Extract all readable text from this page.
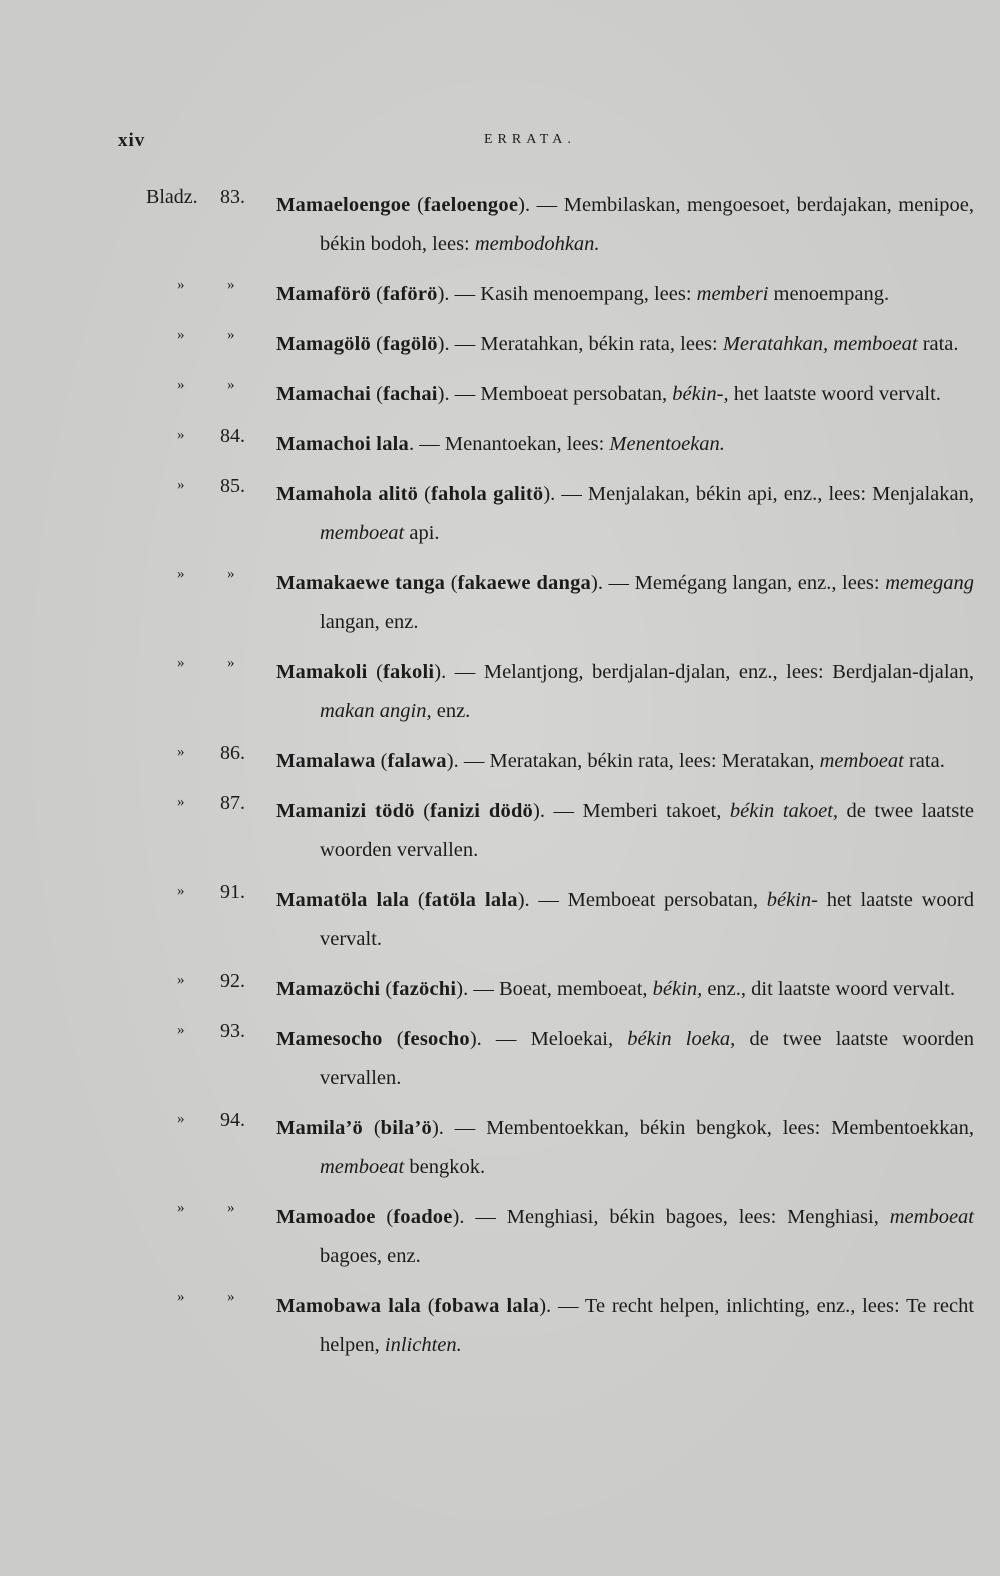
xiv	ERRATA.
Bladz. 83. Mamaeloengoe (faeloengoe). — Membilaskan, mengoesoet, berdajakan, menipoe, békin bodoh, lees: membodohkan.
»	» Mamaförö (faförö). — Kasih menoempang, lees: memberi menoempang.
»	» Mamagölö (fagölö). — Meratahkan, békin rata, lees: Meratahkan, memboeat rata.
»	» Mamachai (fachai). — Memboeat persobatan, békin-, het laatste woord vervalt.
» 84. Mamachoi lala. — Menantoekan, lees: Menentoekan.
» 85. Mamahola alitö (fahola galitö). — Menjalakan, békin api, enz., lees: Menjalakan, memboeat api.
»	» Mamakaewe tanga (fakaewe danga). — Memégang langan, enz., lees: memegang langan, enz.
»	» Mamakoli (fakoli). — Melantjong, berdjalan-djalan, enz., lees: Berdjalan-djalan, makan angin, enz.
» 86. Mamalawa (falawa). — Meratakan, békin rata, lees: Meratakan, memboeat rata.
» 87. Mamanizi tödö (fanizi dödö). — Memberi takoet, békin takoet, de twee laatste woorden vervallen.
» 91. Mamatöla lala (fatöla lala). — Memboeat persobatan, békin- het laatste woord vervalt.
» 92. Mamazöchi (fazöchi). — Boeat, memboeat, békin, enz., dit laatste woord vervalt.
» 93. Mamesocho (fesocho). — Meloekai, békin loeka, de twee laatste woorden vervallen.
» 94. Mamila’ö (bila’ö). — Membentoekkan, békin bengkok, lees: Membentoekkan, memboeat bengkok.
»	» Mamoadoe (foadoe). — Menghiasi, békin bagoes, lees: Menghiasi, memboeat bagoes, enz.
»	» Mamobawa lala (fobawa lala). — Te recht helpen, inlichting, enz., lees: Te recht helpen, inlichten.
